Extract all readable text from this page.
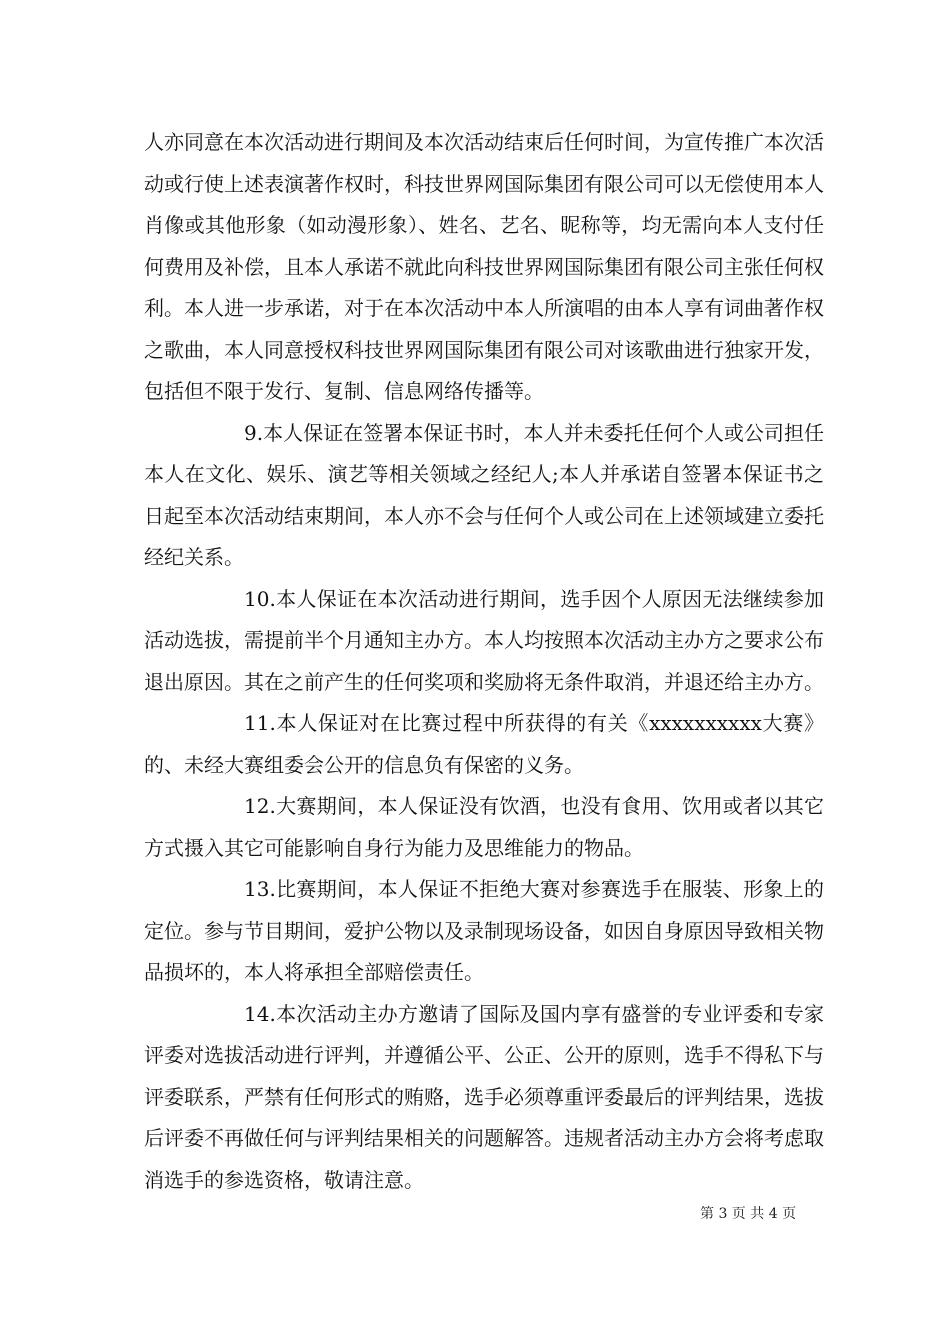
人亦同意在本次活动进行期间及本次活动结束后任何时间，为宣传推广本次活动或行使上述表演著作权时，科技世界网国际集团有限公司可以无偿使用本人肖像或其他形象（如动漫形象）、姓名、艺名、昵称等，均无需向本人支付任何费用及补偿，且本人承诺不就此向科技世界网国际集团有限公司主张任何权利。本人进一步承诺，对于在本次活动中本人所演唱的由本人享有词曲著作权之歌曲，本人同意授权科技世界网国际集团有限公司对该歌曲进行独家开发，包括但不限于发行、复制、信息网络传播等。

9.本人保证在签署本保证书时，本人并未委托任何个人或公司担任本人在文化、娱乐、演艺等相关领域之经纪人;本人并承诺自签署本保证书之日起至本次活动结束期间，本人亦不会与任何个人或公司在上述领域建立委托经纪关系。

10.本人保证在本次活动进行期间，选手因个人原因无法继续参加活动选拔，需提前半个月通知主办方。本人均按照本次活动主办方之要求公布退出原因。其在之前产生的任何奖项和奖励将无条件取消，并退还给主办方。

11.本人保证对在比赛过程中所获得的有关《xxxxxxxxxx大赛》的、未经大赛组委会公开的信息负有保密的义务。

12.大赛期间，本人保证没有饮酒，也没有食用、饮用或者以其它方式摄入其它可能影响自身行为能力及思维能力的物品。

13.比赛期间，本人保证不拒绝大赛对参赛选手在服装、形象上的定位。参与节目期间，爱护公物以及录制现场设备，如因自身原因导致相关物品损坏的，本人将承担全部赔偿责任。

14.本次活动主办方邀请了国际及国内享有盛誉的专业评委和专家评委对选拔活动进行评判，并遵循公平、公正、公开的原则，选手不得私下与评委联系，严禁有任何形式的贿赂，选手必须尊重评委最后的评判结果，选拔后评委不再做任何与评判结果相关的问题解答。违规者活动主办方会将考虑取消选手的参选资格，敬请注意。

第 3 页 共 4 页
